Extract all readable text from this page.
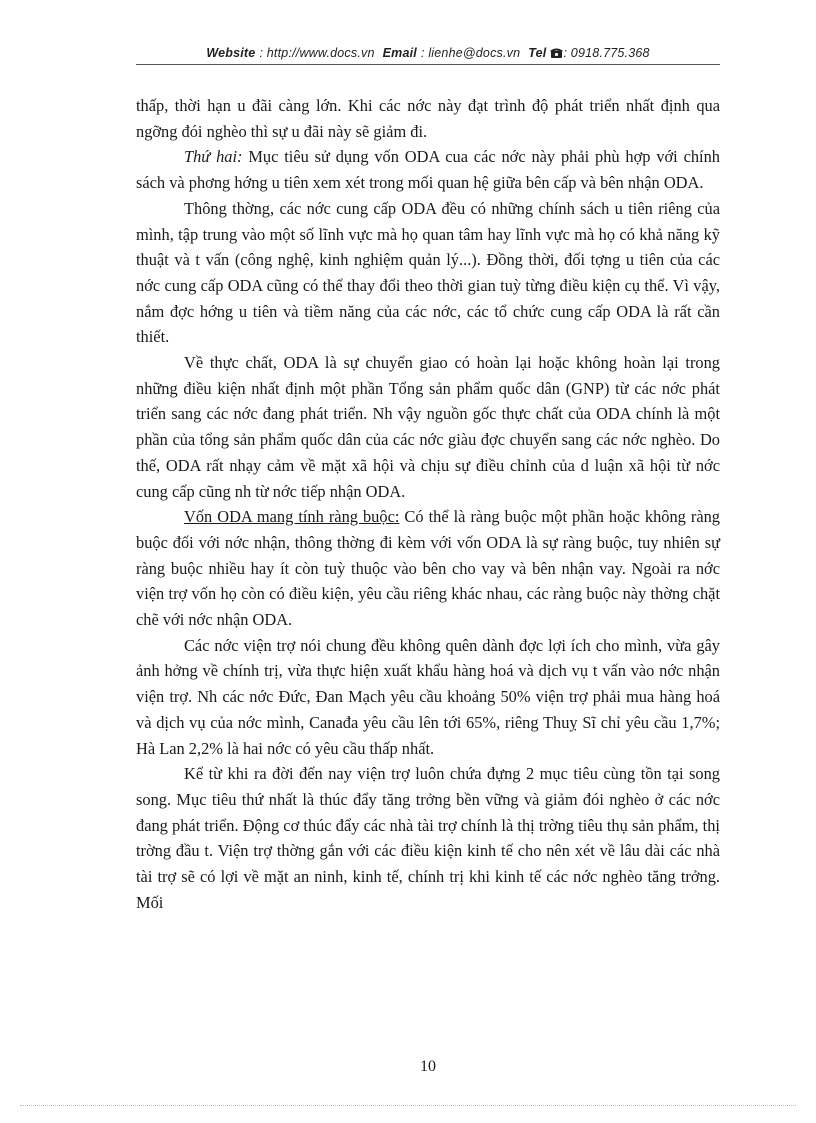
Website : http://www.docs.vn Email : lienhe@docs.vn Tel : 0918.775.368

thấp, thời hạn u đãi càng lớn. Khi các nớc này đạt trình độ phát triển nhất định qua ngỡng đói nghèo thì sự u đãi này sẽ giảm đi.

Thứ hai: Mục tiêu sử dụng vốn ODA cua các nớc này phải phù hợp với chính sách và phơng hớng u tiên xem xét trong mối quan hệ giữa bên cấp và bên nhận ODA.

Thông thờng, các nớc cung cấp ODA đều có những chính sách u tiên riêng của mình, tập trung vào một số lĩnh vực mà họ quan tâm hay lĩnh vực mà họ có khả năng kỹ thuật và t vấn (công nghệ, kinh nghiệm quản lý...). Đồng thời, đối tợng u tiên của các nớc cung cấp ODA cũng có thể thay đổi theo thời gian tuỳ từng điều kiện cụ thể. Vì vậy, nắm đợc hớng u tiên và tiềm năng của các nớc, các tổ chức cung cấp ODA là rất cần thiết.

Về thực chất, ODA là sự chuyển giao có hoàn lại hoặc không hoàn lại trong những điều kiện nhất định một phần Tổng sản phẩm quốc dân (GNP) từ các nớc phát triển sang các nớc đang phát triển. Nh vậy nguồn gốc thực chất của ODA chính là một phần của tổng sản phẩm quốc dân của các nớc giàu đợc chuyển sang các nớc nghèo. Do thế, ODA rất nhạy cảm về mặt xã hội và chịu sự điều chỉnh của d luận xã hội từ nớc cung cấp cũng nh từ nớc tiếp nhận ODA.

Vốn ODA mang tính ràng buộc: Có thể là ràng buộc một phần hoặc không ràng buộc đối với nớc nhận, thông thờng đi kèm với vốn ODA là sự ràng buộc, tuy nhiên sự ràng buộc nhiều hay ít còn tuỳ thuộc vào bên cho vay và bên nhận vay. Ngoài ra nớc viện trợ vốn họ còn có điều kiện, yêu cầu riêng khác nhau, các ràng buộc này thờng chặt chẽ với nớc nhận ODA.

Các nớc viện trợ nói chung đều không quên dành đợc lợi ích cho mình, vừa gây ảnh hởng về chính trị, vừa thực hiện xuất khẩu hàng hoá và dịch vụ t vấn vào nớc nhận viện trợ. Nh các nớc Đức, Đan Mạch yêu cầu khoảng 50% viện trợ phải mua hàng hoá và dịch vụ của nớc mình, Canađa yêu cầu lên tới 65%, riêng Thuỵ Sĩ chỉ yêu cầu 1,7%; Hà Lan 2,2% là hai nớc có yêu cầu thấp nhất.

Kể từ khi ra đời đến nay viện trợ luôn chứa đựng 2 mục tiêu cùng tồn tại song song. Mục tiêu thứ nhất là thúc đẩy tăng trởng bền vững và giảm đói nghèo ở các nớc đang phát triển. Động cơ thúc đẩy các nhà tài trợ chính là thị trờng tiêu thụ sản phẩm, thị trờng đầu t. Viện trợ thờng gắn với các điều kiện kinh tế cho nên xét về lâu dài các nhà tài trợ sẽ có lợi về mặt an ninh, kinh tế, chính trị khi kinh tế các nớc nghèo tăng trởng. Mối

10
